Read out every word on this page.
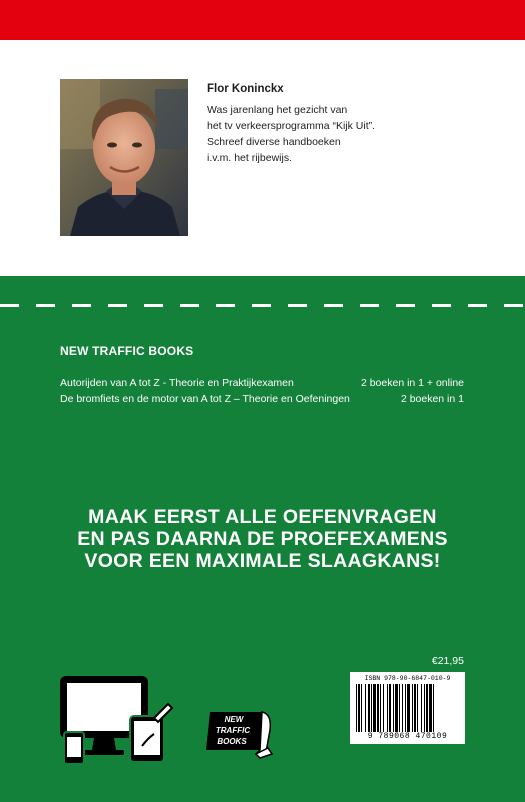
Flor Koninckx
Was jarenlang het gezicht van
het tv verkeersprogramma “Kijk Uit”.
Schreef diverse handboeken
i.v.m. het rijbewijs.
NEW TRAFFIC BOOKS
Autorijden van A tot Z - Theorie en Praktijkexamen	2 boeken in 1 + online
De bromfiets en de motor van A tot Z – Theorie en Oefeningen	2 boeken in 1
MAAK EERST ALLE OEFENVRAGEN
EN PAS DAARNA DE PROEFEXAMENS
VOOR EEN MAXIMALE SLAAGKANS!
€21,95
NEW
TRAFFIC
BOOKS
ISBN 978-90-6847-010-9
9 789068 470109
